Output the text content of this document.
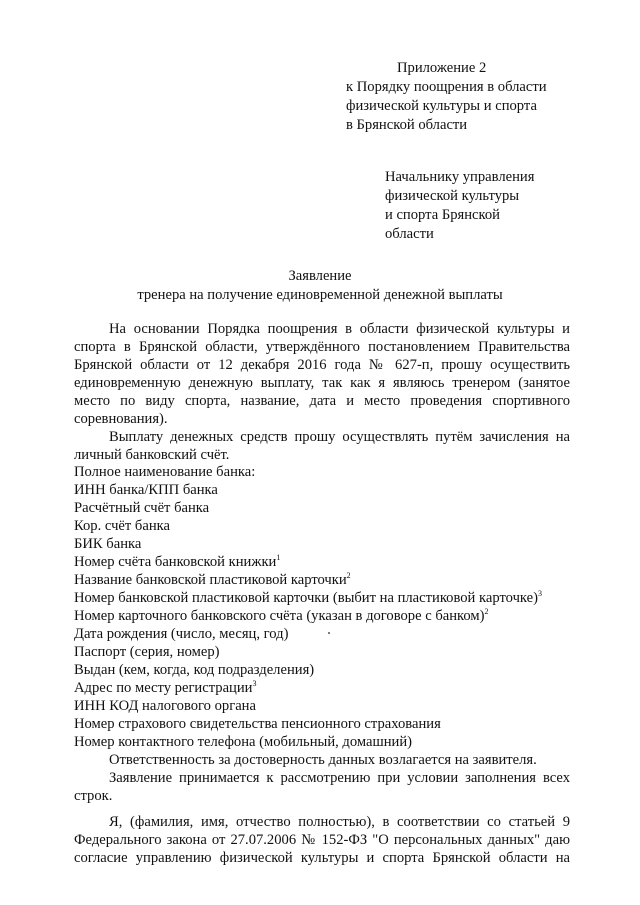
Приложение 2
к Порядку поощрения в области
физической культуры и спорта
в Брянской области
Начальнику управления
физической культуры
и спорта Брянской
области
Заявление
тренера на получение единовременной денежной выплаты
На основании Порядка поощрения в области физической культуры и
спорта в Брянской области, утверждённого постановлением Правительства
Брянской области от 12 декабря 2016 года № 627-п, прошу осуществить
единовременную денежную выплату, так как я являюсь тренером (занятое
место по виду спорта, название, дата и место проведения спортивного
соревнования).
Выплату денежных средств прошу осуществлять путём зачисления на
личный банковский счёт.
Полное наименование банка:
ИНН банка/КПП банка
Расчётный счёт банка
Кор. счёт банка
БИК банка
Номер счёта банковской книжки$^1$
Название банковской пластиковой карточки$^2$
Номер банковской пластиковой карточки (выбит на пластиковой карточке)$^3$
Номер карточного банковского счёта (указан в договоре с банком)$^2$
Дата рождения (число, месяц, год)
Паспорт (серия, номер)
Выдан (кем, когда, код подразделения)
Адрес по месту регистрации$^3$
ИНН КОД налогового органа
Номер страхового свидетельства пенсионного страхования
Номер контактного телефона (мобильный, домашний)
Ответственность за достоверность данных возлагается на заявителя.
Заявление принимается к рассмотрению при условии заполнения всех
строк.
Я, (фамилия, имя, отчество полностью), в соответствии со статьей 9
Федерального закона от 27.07.2006 № 152-ФЗ "О персональных данных" даю
согласие управлению физической культуры и спорта Брянской области на
